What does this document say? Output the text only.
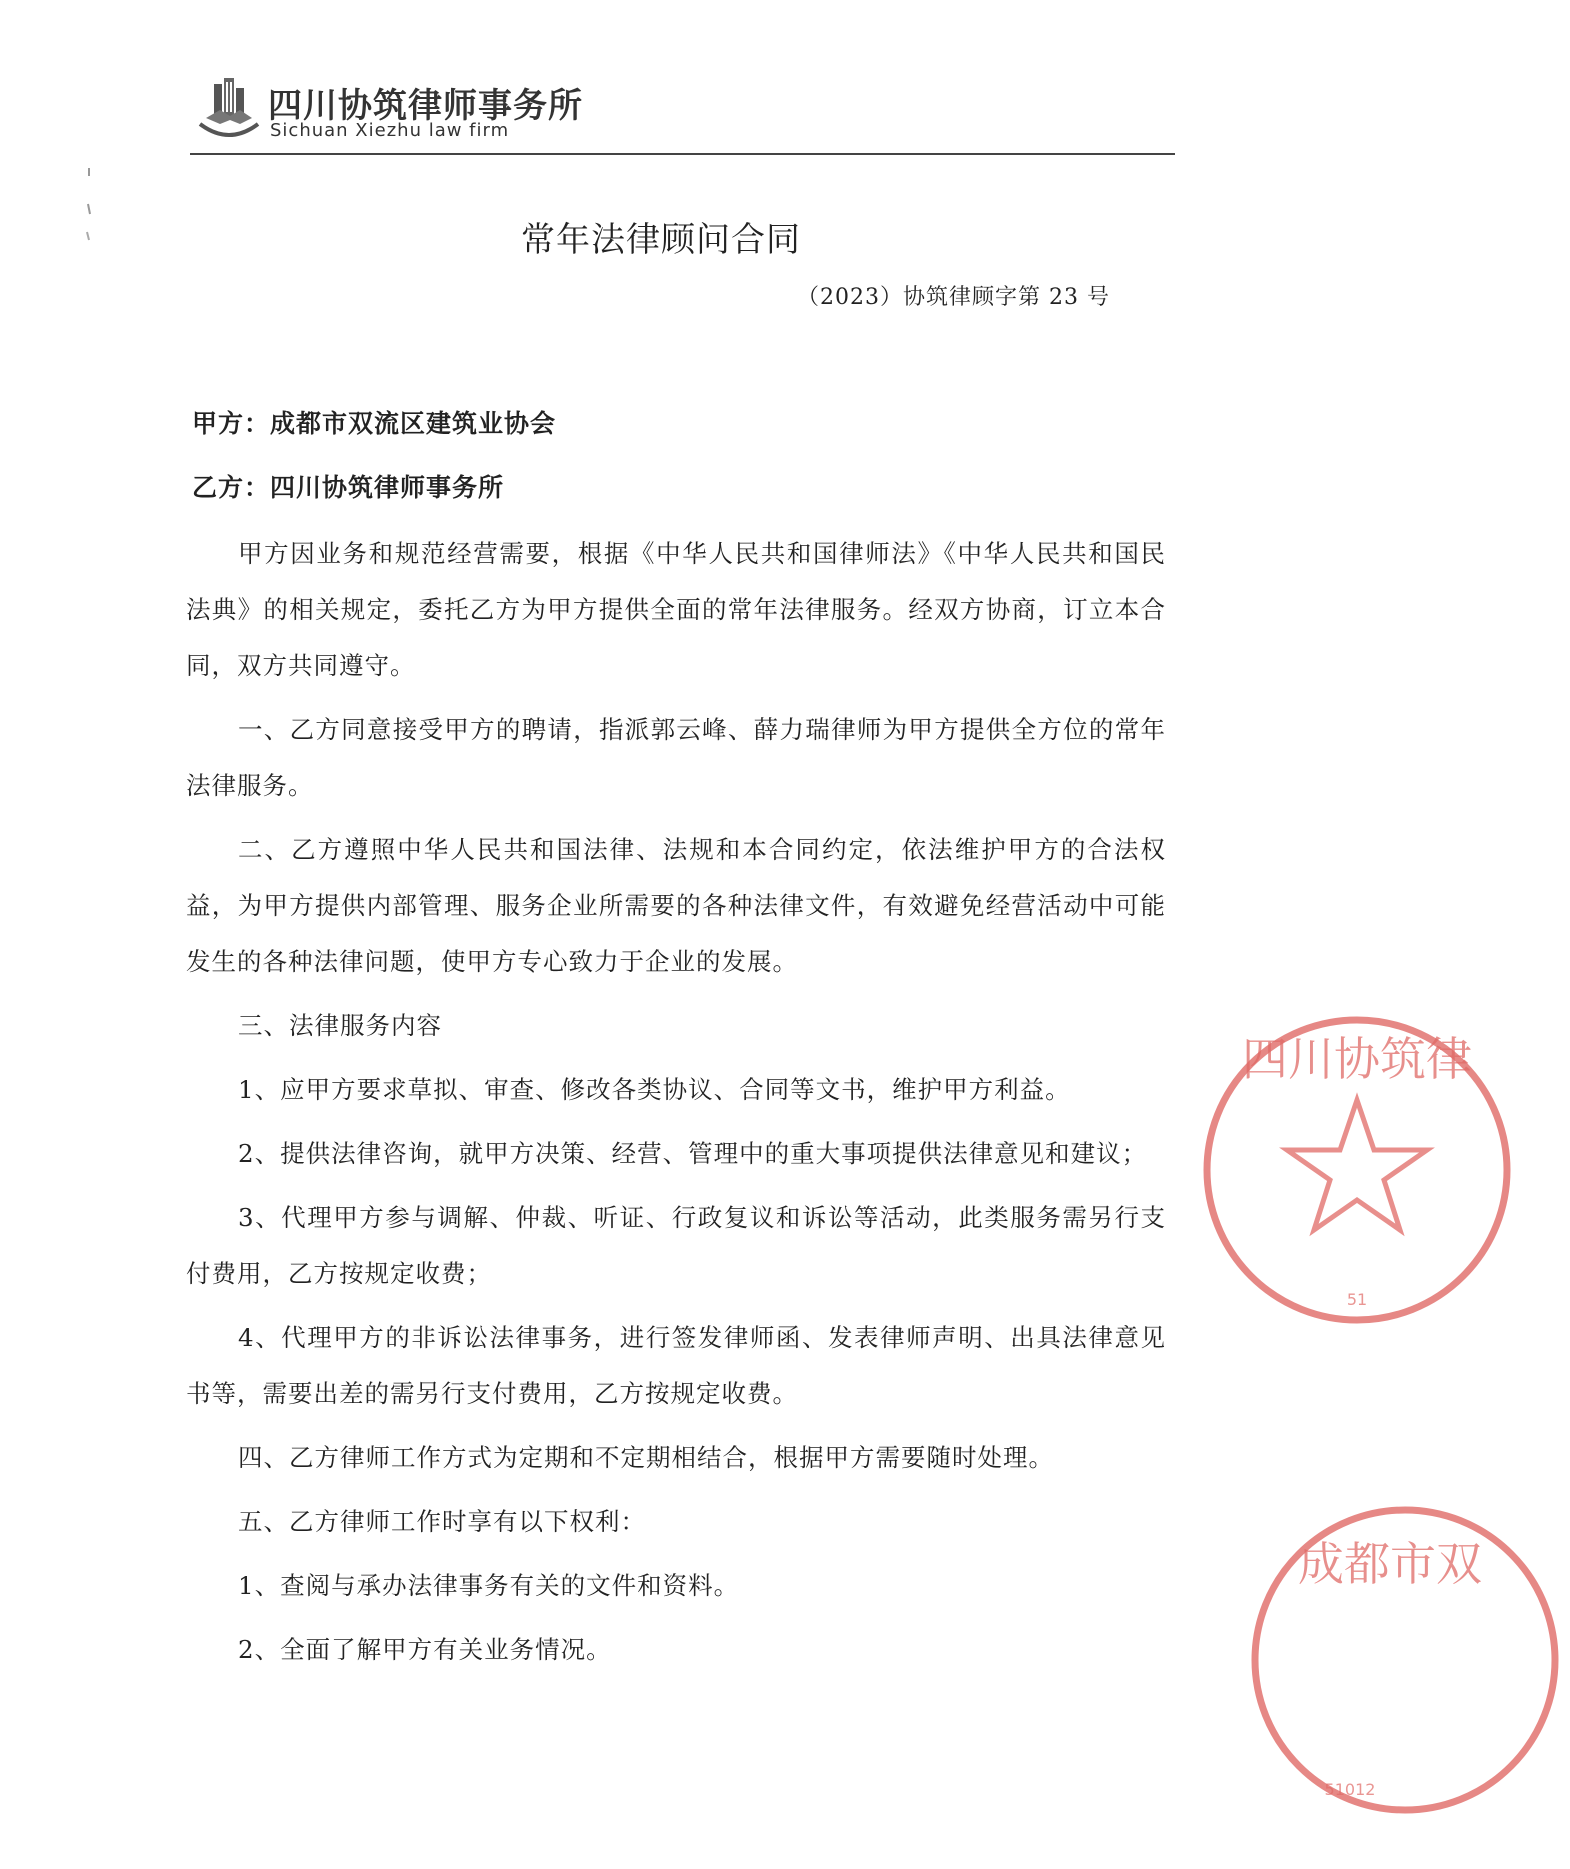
四川协筑律师事务所
Sichuan Xiezhu law firm
常年法律顾问合同
（2023）协筑律顾字第 23 号
甲方：成都市双流区建筑业协会
乙方：四川协筑律师事务所

甲方因业务和规范经营需要，根据《中华人民共和国律师法》《中华人民共和国民法典》的相关规定，委托乙方为甲方提供全面的常年法律服务。经双方协商，订立本合同，双方共同遵守。

一、乙方同意接受甲方的聘请，指派郭云峰、薛力瑞律师为甲方提供全方位的常年法律服务。

二、乙方遵照中华人民共和国法律、法规和本合同约定，依法维护甲方的合法权益，为甲方提供内部管理、服务企业所需要的各种法律文件，有效避免经营活动中可能发生的各种法律问题，使甲方专心致力于企业的发展。

三、法律服务内容

1、应甲方要求草拟、审查、修改各类协议、合同等文书，维护甲方利益。

2、提供法律咨询，就甲方决策、经营、管理中的重大事项提供法律意见和建议；

3、代理甲方参与调解、仲裁、听证、行政复议和诉讼等活动，此类服务需另行支付费用，乙方按规定收费；

4、代理甲方的非诉讼法律事务，进行签发律师函、发表律师声明、出具法律意见书等，需要出差的需另行支付费用，乙方按规定收费。

四、乙方律师工作方式为定期和不定期相结合，根据甲方需要随时处理。

五、乙方律师工作时享有以下权利：

1、查阅与承办法律事务有关的文件和资料。

2、全面了解甲方有关业务情况。

四川协筑律
51
成都市双
51012
